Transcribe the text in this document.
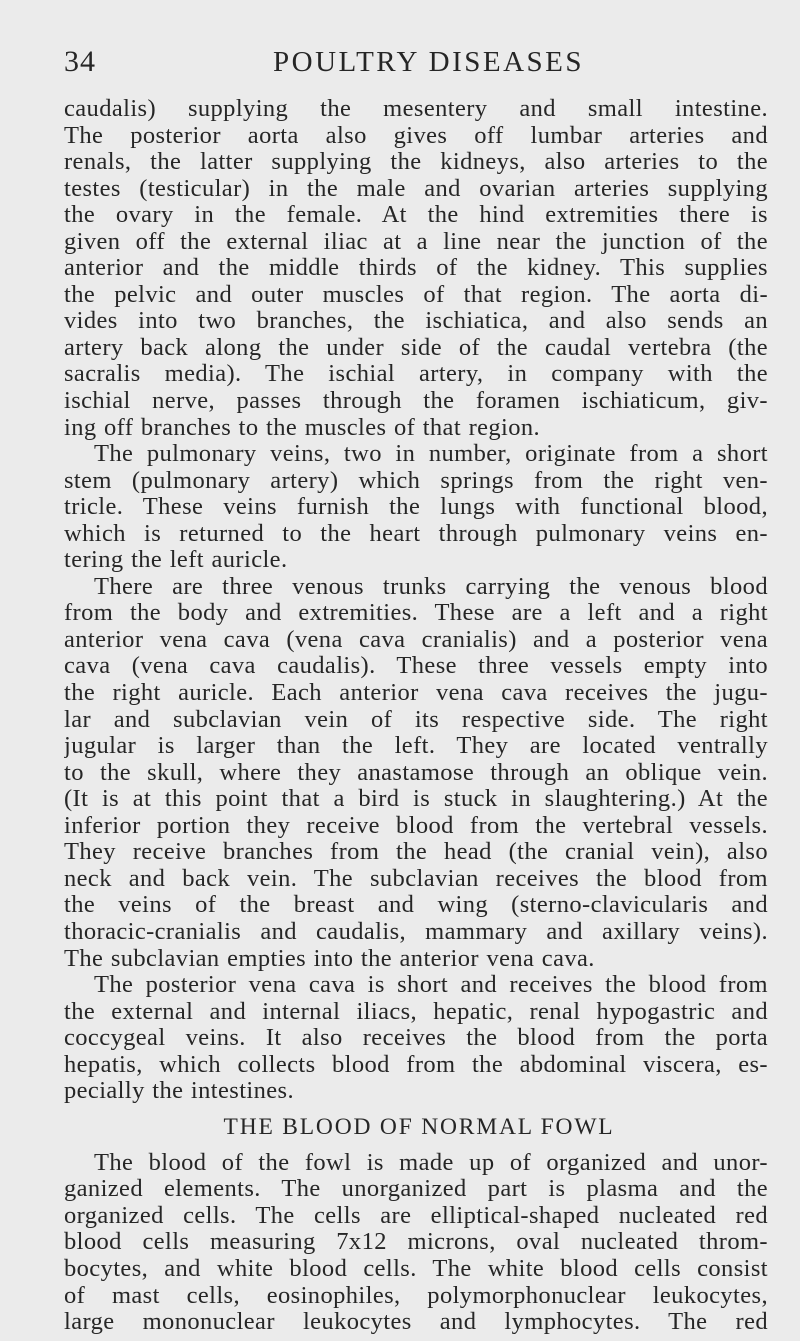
34	POULTRY DISEASES
caudalis) supplying the mesentery and small intestine.
The posterior aorta also gives off lumbar arteries and
renals, the latter supplying the kidneys, also arteries to the
testes (testicular) in the male and ovarian arteries supplying
the ovary in the female. At the hind extremities there is
given off the external iliac at a line near the junction of the
anterior and the middle thirds of the kidney. This supplies
the pelvic and outer muscles of that region. The aorta di-
vides into two branches, the ischiatica, and also sends an
artery back along the under side of the caudal vertebra (the
sacralis media). The ischial artery, in company with the
ischial nerve, passes through the foramen ischiaticum, giv-
ing off branches to the muscles of that region.
The pulmonary veins, two in number, originate from a short
stem (pulmonary artery) which springs from the right ven-
tricle. These veins furnish the lungs with functional blood,
which is returned to the heart through pulmonary veins en-
tering the left auricle.
There are three venous trunks carrying the venous blood
from the body and extremities. These are a left and a right
anterior vena cava (vena cava cranialis) and a posterior vena
cava (vena cava caudalis). These three vessels empty into
the right auricle. Each anterior vena cava receives the jugu-
lar and subclavian vein of its respective side. The right
jugular is larger than the left. They are located ventrally
to the skull, where they anastamose through an oblique vein.
(It is at this point that a bird is stuck in slaughtering.) At the
inferior portion they receive blood from the vertebral vessels.
They receive branches from the head (the cranial vein), also
neck and back vein. The subclavian receives the blood from
the veins of the breast and wing (sterno-clavicularis and
thoracic-cranialis and caudalis, mammary and axillary veins).
The subclavian empties into the anterior vena cava.
The posterior vena cava is short and receives the blood from
the external and internal iliacs, hepatic, renal hypogastric and
coccygeal veins. It also receives the blood from the porta
hepatis, which collects blood from the abdominal viscera, es-
pecially the intestines.
THE BLOOD OF NORMAL FOWL
The blood of the fowl is made up of organized and unor-
ganized elements. The unorganized part is plasma and the
organized cells. The cells are elliptical-shaped nucleated red
blood cells measuring 7x12 microns, oval nucleated throm-
bocytes, and white blood cells. The white blood cells consist
of mast cells, eosinophiles, polymorphonuclear leukocytes,
large mononuclear leukocytes and lymphocytes. The red
